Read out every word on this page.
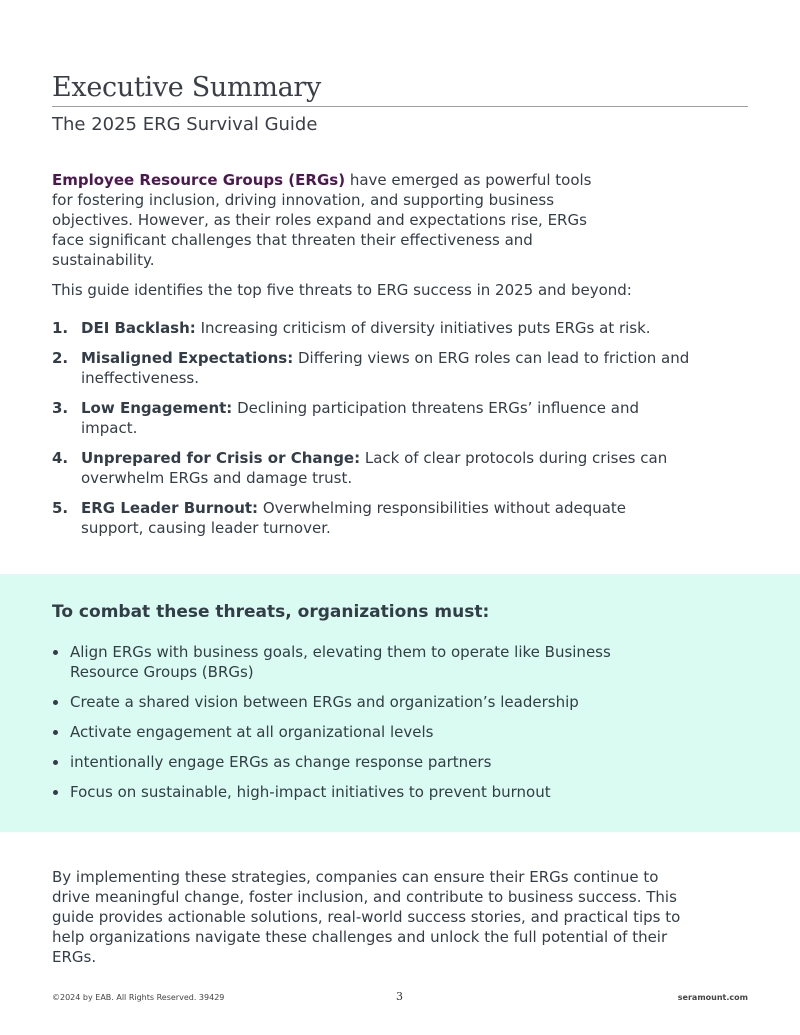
Executive Summary
The 2025 ERG Survival Guide

Employee Resource Groups (ERGs) have emerged as powerful tools for fostering inclusion, driving innovation, and supporting business objectives. However, as their roles expand and expectations rise, ERGs face significant challenges that threaten their effectiveness and sustainability.

This guide identifies the top five threats to ERG success in 2025 and beyond:

1. DEI Backlash: Increasing criticism of diversity initiatives puts ERGs at risk.
2. Misaligned Expectations: Differing views on ERG roles can lead to friction and ineffectiveness.
3. Low Engagement: Declining participation threatens ERGs’ influence and impact.
4. Unprepared for Crisis or Change: Lack of clear protocols during crises can overwhelm ERGs and damage trust.
5. ERG Leader Burnout: Overwhelming responsibilities without adequate support, causing leader turnover.
To combat these threats, organizations must:
Align ERGs with business goals, elevating them to operate like Business Resource Groups (BRGs)
Create a shared vision between ERGs and organization’s leadership
Activate engagement at all organizational levels
intentionally engage ERGs as change response partners
Focus on sustainable, high-impact initiatives to prevent burnout

By implementing these strategies, companies can ensure their ERGs continue to drive meaningful change, foster inclusion, and contribute to business success. This guide provides actionable solutions, real-world success stories, and practical tips to help organizations navigate these challenges and unlock the full potential of their ERGs.

©2024 by EAB. All Rights Reserved. 39429	3	seramount.com
